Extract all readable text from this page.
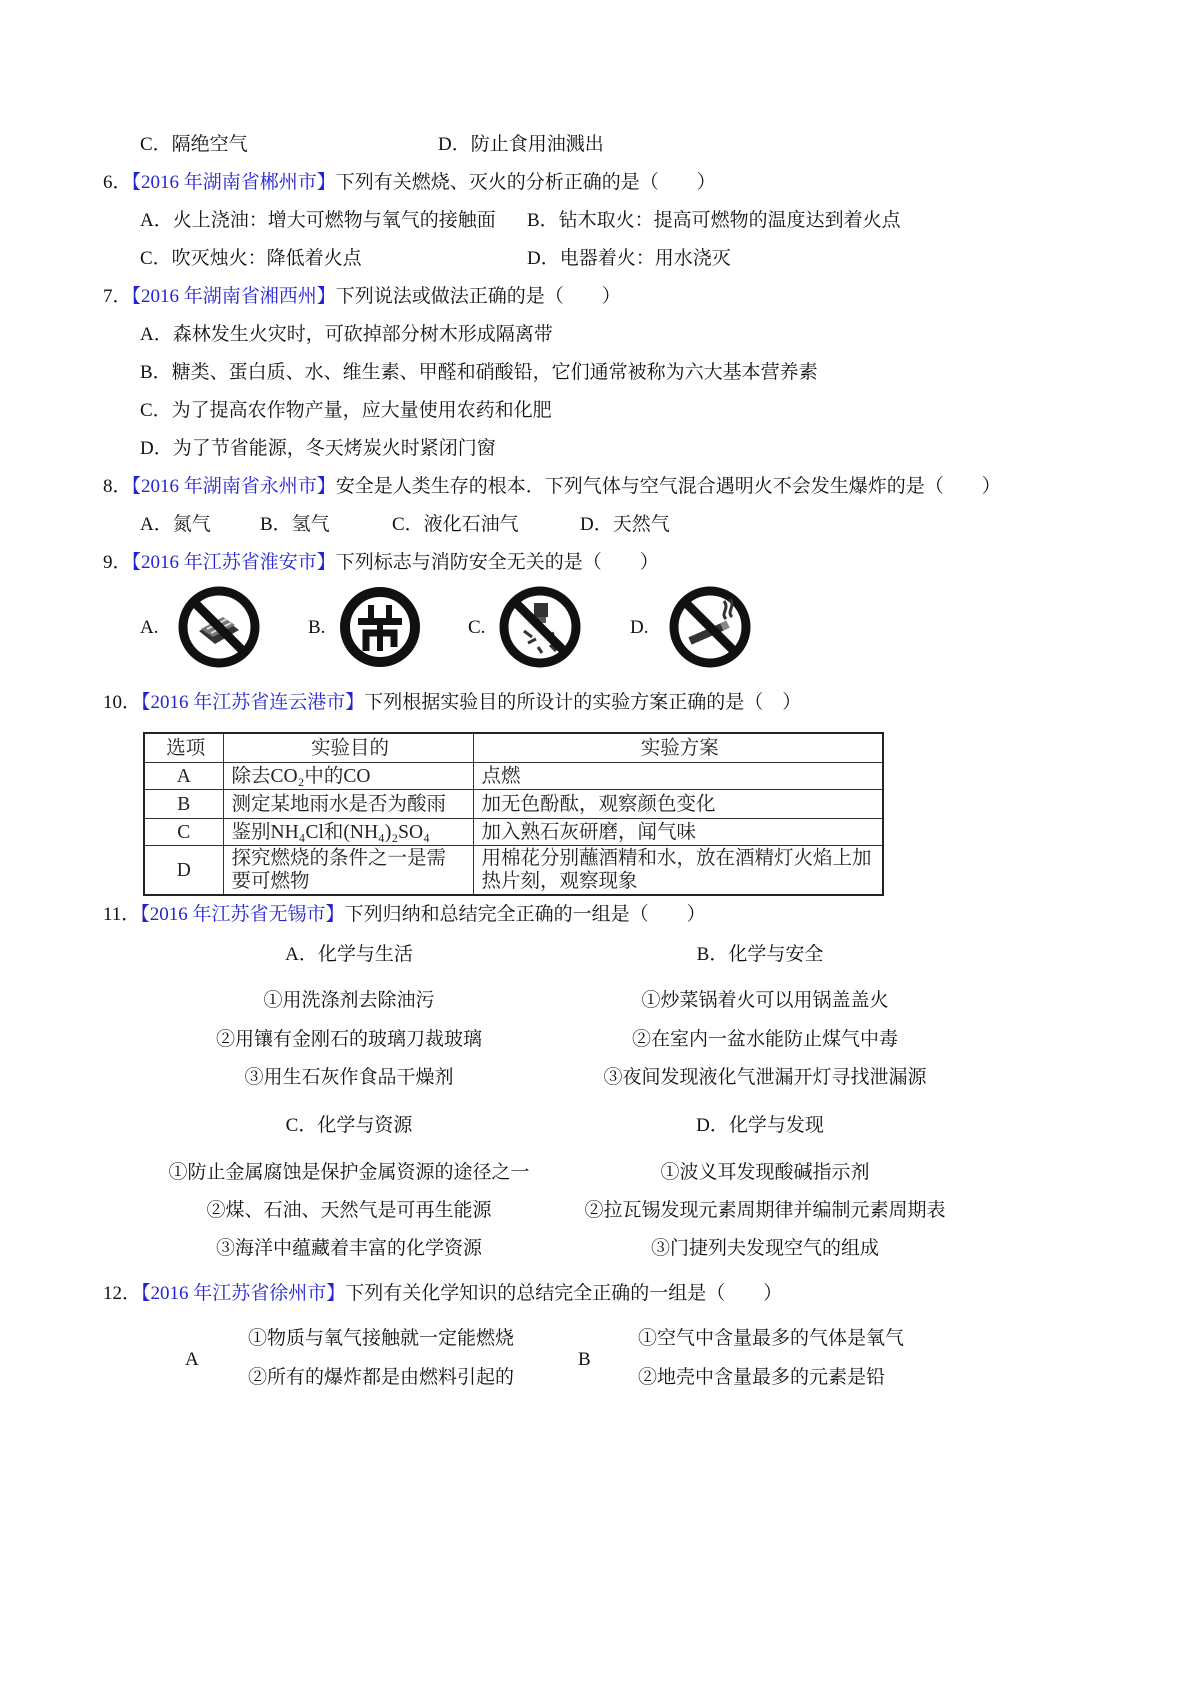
C．隔绝空气	D．防止食用油溅出
6．【2016 年湖南省郴州市】下列有关燃烧、灭火的分析正确的是（　　）
A．火上浇油：增大可燃物与氧气的接触面 B．钻木取火：提高可燃物的温度达到着火点
C．吹灭烛火：降低着火点	D．电器着火：用水浇灭
7．【2016 年湖南省湘西州】下列说法或做法正确的是（　　）
A．森林发生火灾时，可砍掉部分树木形成隔离带
B．糖类、蛋白质、水、维生素、甲醛和硝酸铅，它们通常被称为六大基本营养素
C．为了提高农作物产量，应大量使用农药和化肥
D．为了节省能源，冬天烤炭火时紧闭门窗
8．【2016 年湖南省永州市】安全是人类生存的根本．下列气体与空气混合遇明火不会发生爆炸的是（　　）
A．氮气	B．氢气	C．液化石油气	D．天然气
9．【2016 年江苏省淮安市】下列标志与消防安全无关的是（　　）
A.	B.	C.	D.
10．【2016 年江苏省连云港市】下列根据实验目的所设计的实验方案正确的是（　）
选项	实验目的	实验方案
A	除去CO₂中的CO	点燃
B	测定某地雨水是否为酸雨	加无色酚酞，观察颜色变化
C	鉴别NH₄Cl和(NH₄)₂SO₄	加入熟石灰研磨，闻气味
D	探究燃烧的条件之一是需要可燃物	用棉花分别蘸酒精和水，放在酒精灯火焰上加热片刻，观察现象
11．【2016 年江苏省无锡市】下列归纳和总结完全正确的一组是（　　）
A．化学与生活	B．化学与安全
①用洗涤剂去除油污
②用镶有金刚石的玻璃刀裁玻璃
③用生石灰作食品干燥剂
①炒菜锅着火可以用锅盖盖火
②在室内一盆水能防止煤气中毒
③夜间发现液化气泄漏开灯寻找泄漏源
C．化学与资源	D．化学与发现
①防止金属腐蚀是保护金属资源的途径之一
②煤、石油、天然气是可再生能源
③海洋中蕴藏着丰富的化学资源
①波义耳发现酸碱指示剂
②拉瓦锡发现元素周期律并编制元素周期表
③门捷列夫发现空气的组成
12．【2016 年江苏省徐州市】下列有关化学知识的总结完全正确的一组是（　　）
A
①物质与氧气接触就一定能燃烧
②所有的爆炸都是由燃料引起的
B
①空气中含量最多的气体是氧气
②地壳中含量最多的元素是铅
